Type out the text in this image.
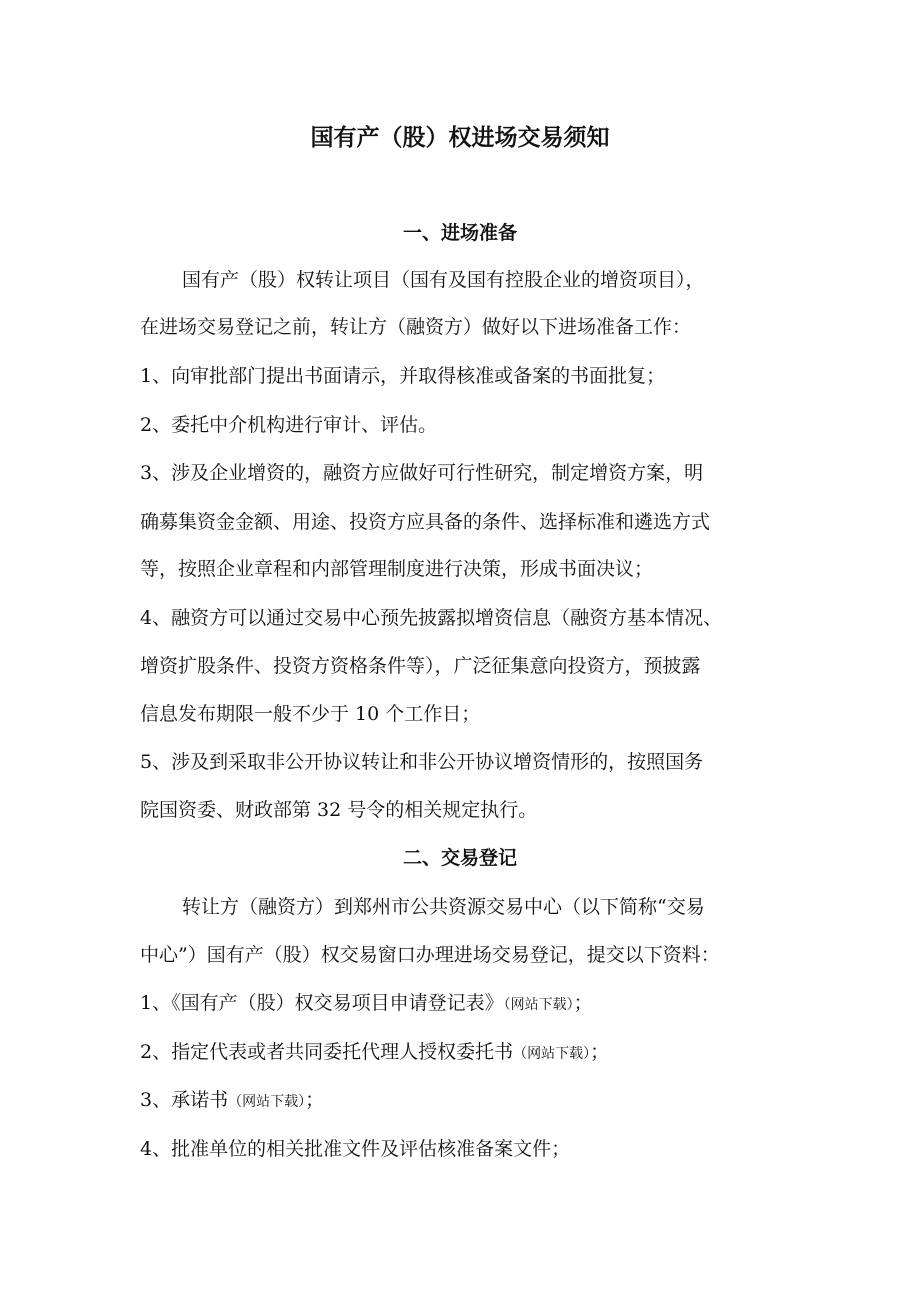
国有产（股）权进场交易须知
一、进场准备
国有产（股）权转让项目（国有及国有控股企业的增资项目），
在进场交易登记之前，转让方（融资方）做好以下进场准备工作：
1、向审批部门提出书面请示，并取得核准或备案的书面批复；
2、委托中介机构进行审计、评估。
3、涉及企业增资的，融资方应做好可行性研究，制定增资方案，明
确募集资金金额、用途、投资方应具备的条件、选择标准和遴选方式
等，按照企业章程和内部管理制度进行决策，形成书面决议；
4、融资方可以通过交易中心预先披露拟增资信息（融资方基本情况、
增资扩股条件、投资方资格条件等），广泛征集意向投资方，预披露
信息发布期限一般不少于 10 个工作日；
5、涉及到采取非公开协议转让和非公开协议增资情形的，按照国务
院国资委、财政部第 32 号令的相关规定执行。
二、交易登记
转让方（融资方）到郑州市公共资源交易中心（以下简称“交易
中心”）国有产（股）权交易窗口办理进场交易登记，提交以下资料：
1、《国有产（股）权交易项目申请登记表》（网站下载）；
2、指定代表或者共同委托代理人授权委托书（网站下载）；
3、承诺书（网站下载）；
4、批准单位的相关批准文件及评估核准备案文件；
